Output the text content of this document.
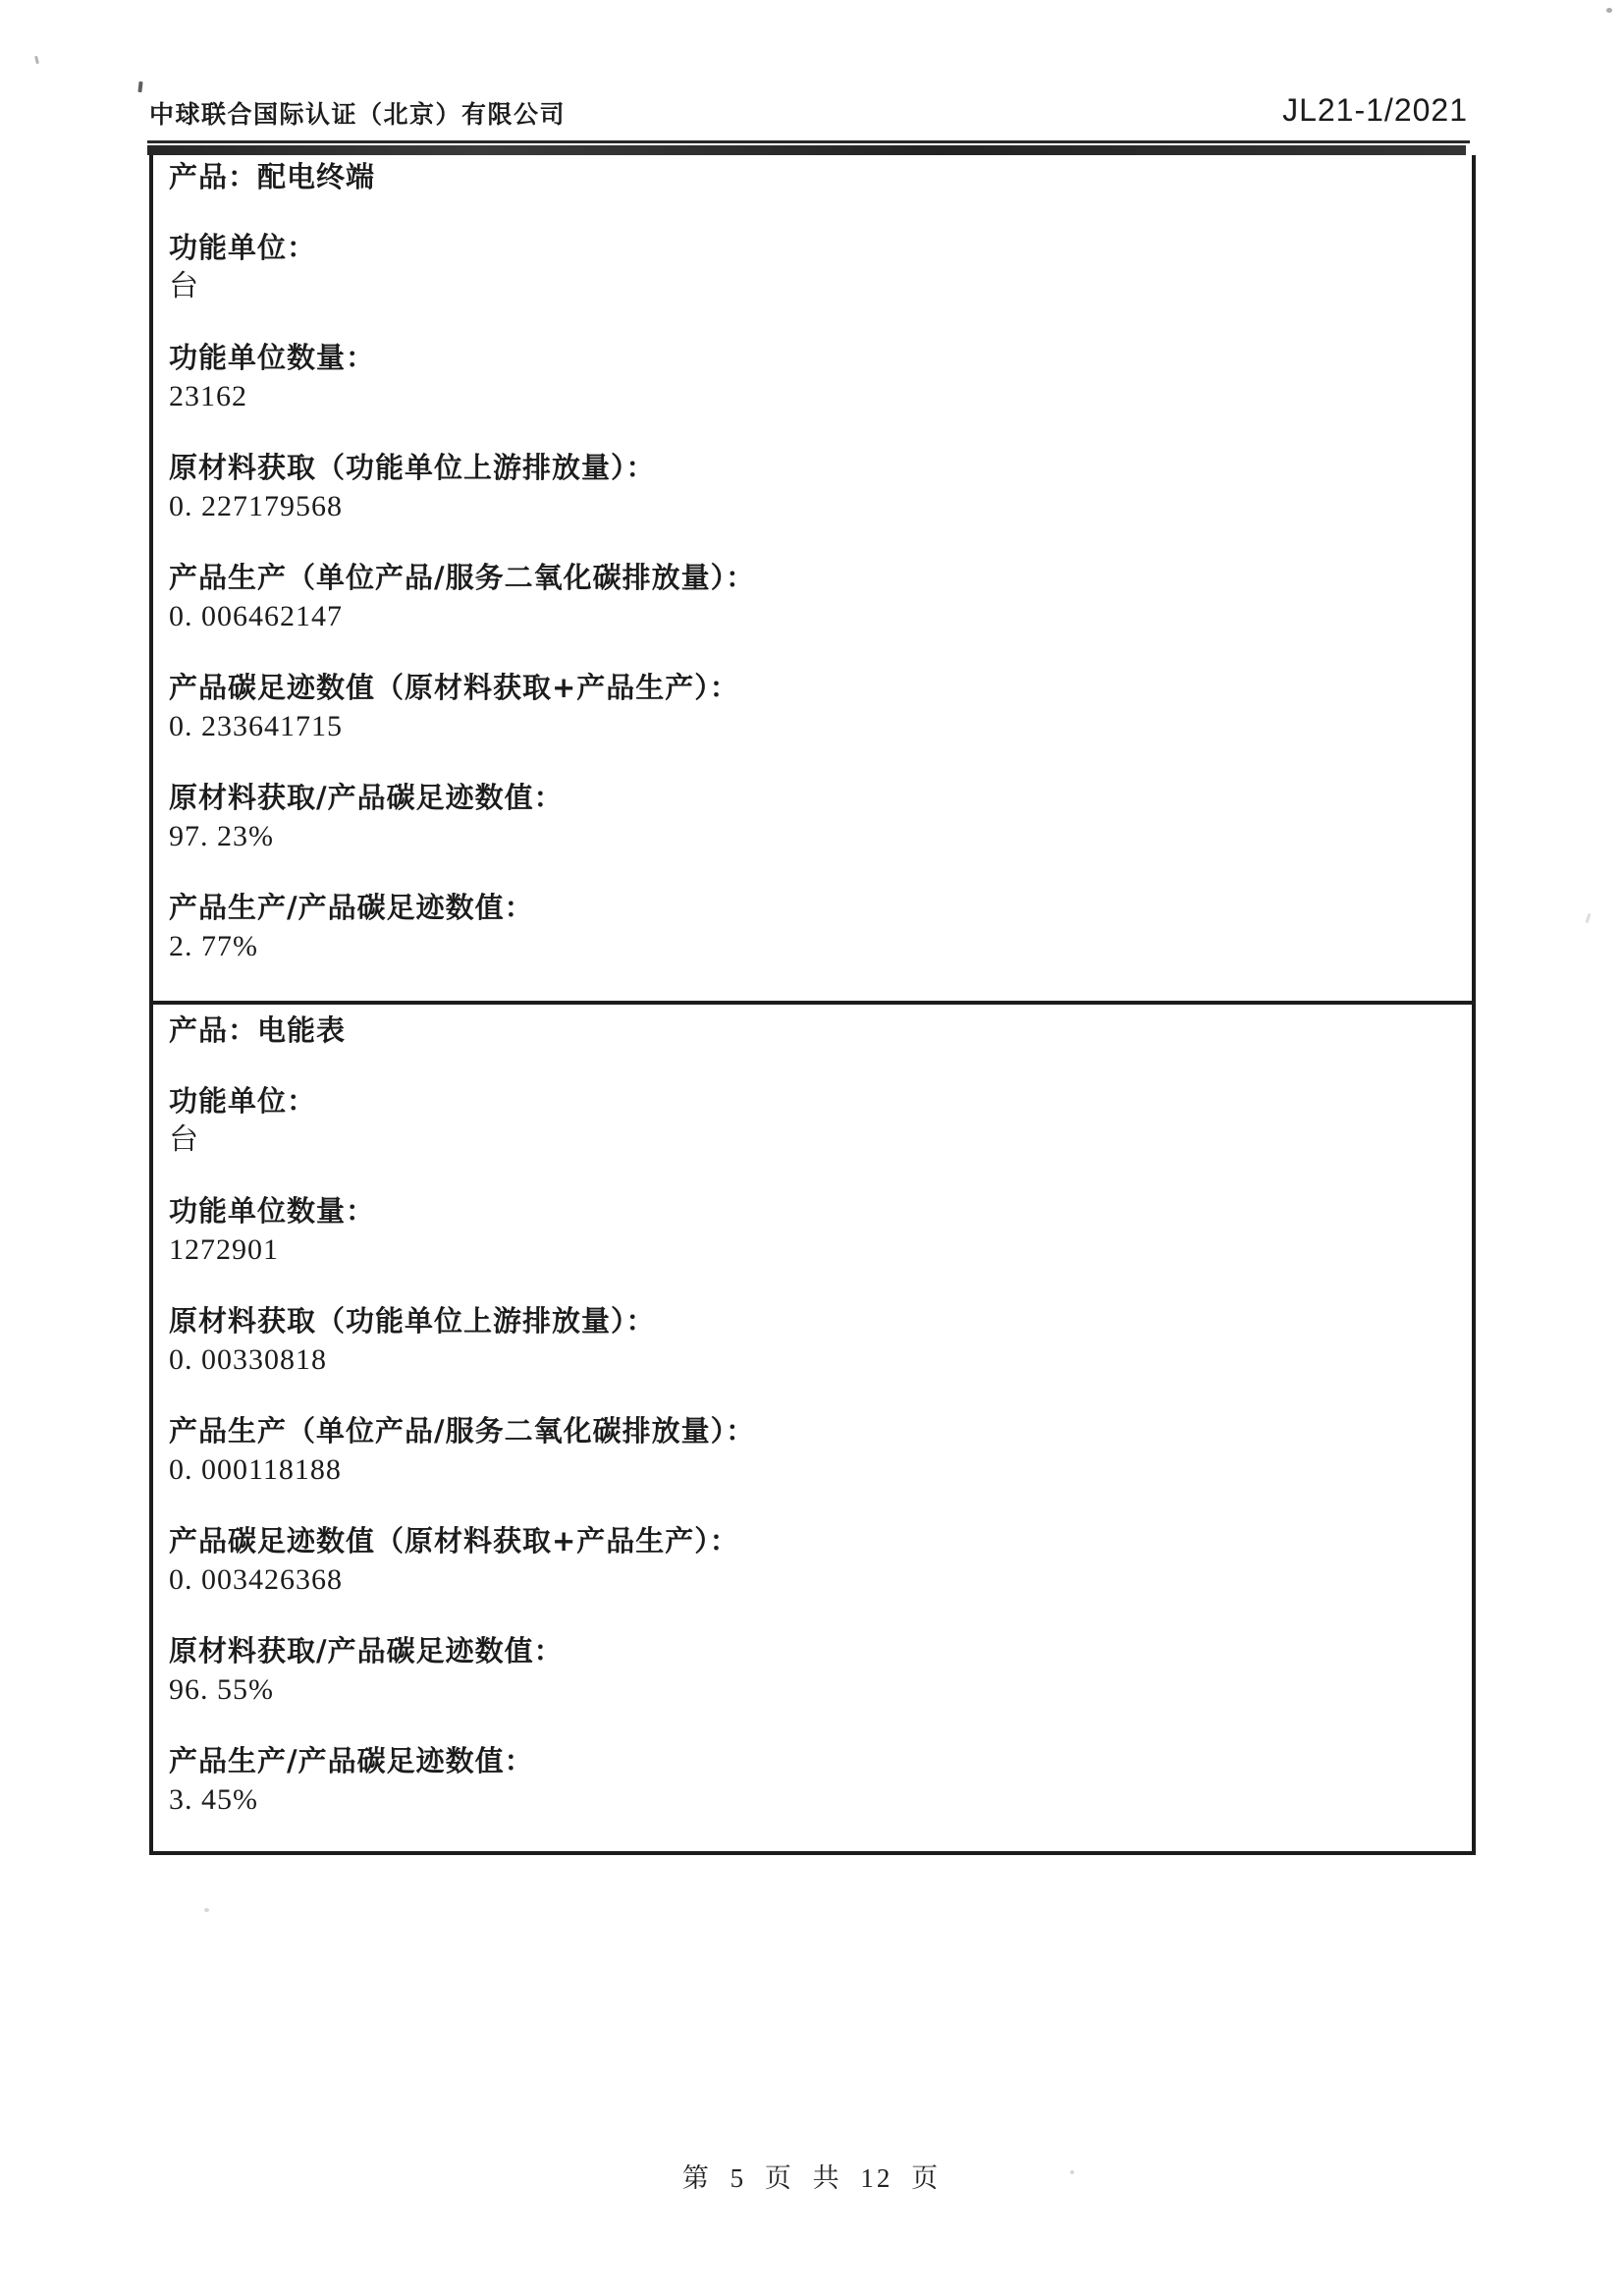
中球联合国际认证（北京）有限公司	JL21-1/2021
产品：配电终端
功能单位：
台
功能单位数量：
23162
原材料获取（功能单位上游排放量）：
0. 227179568
产品生产（单位产品/服务二氧化碳排放量）：
0. 006462147
产品碳足迹数值（原材料获取+产品生产）：
0. 233641715
原材料获取/产品碳足迹数值：
97. 23%
产品生产/产品碳足迹数值：
2. 77%
产品：电能表
功能单位：
台
功能单位数量：
1272901
原材料获取（功能单位上游排放量）：
0. 00330818
产品生产（单位产品/服务二氧化碳排放量）：
0. 000118188
产品碳足迹数值（原材料获取+产品生产）：
0. 003426368
原材料获取/产品碳足迹数值：
96. 55%
产品生产/产品碳足迹数值：
3. 45%
第 5 页 共 12 页
